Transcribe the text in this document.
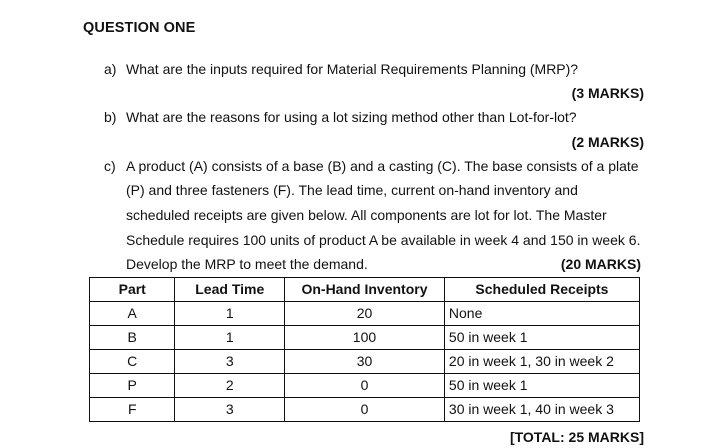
QUESTION ONE
a) What are the inputs required for Material Requirements Planning (MRP)?
(3 MARKS)
b) What are the reasons for using a lot sizing method other than Lot-for-lot?
(2 MARKS)
c) A product (A) consists of a base (B) and a casting (C). The base consists of a plate
(P) and three fasteners (F). The lead time, current on-hand inventory and
scheduled receipts are given below. All components are lot for lot. The Master
Schedule requires 100 units of product A be available in week 4 and 150 in week 6.
Develop the MRP to meet the demand.	(20 MARKS)
Part	Lead Time	On-Hand Inventory	Scheduled Receipts
A	1	20	None
B	1	100	50 in week 1
C	3	30	20 in week 1, 30 in week 2
P	2	0	50 in week 1
F	3	0	30 in week 1, 40 in week 3
[TOTAL: 25 MARKS]
